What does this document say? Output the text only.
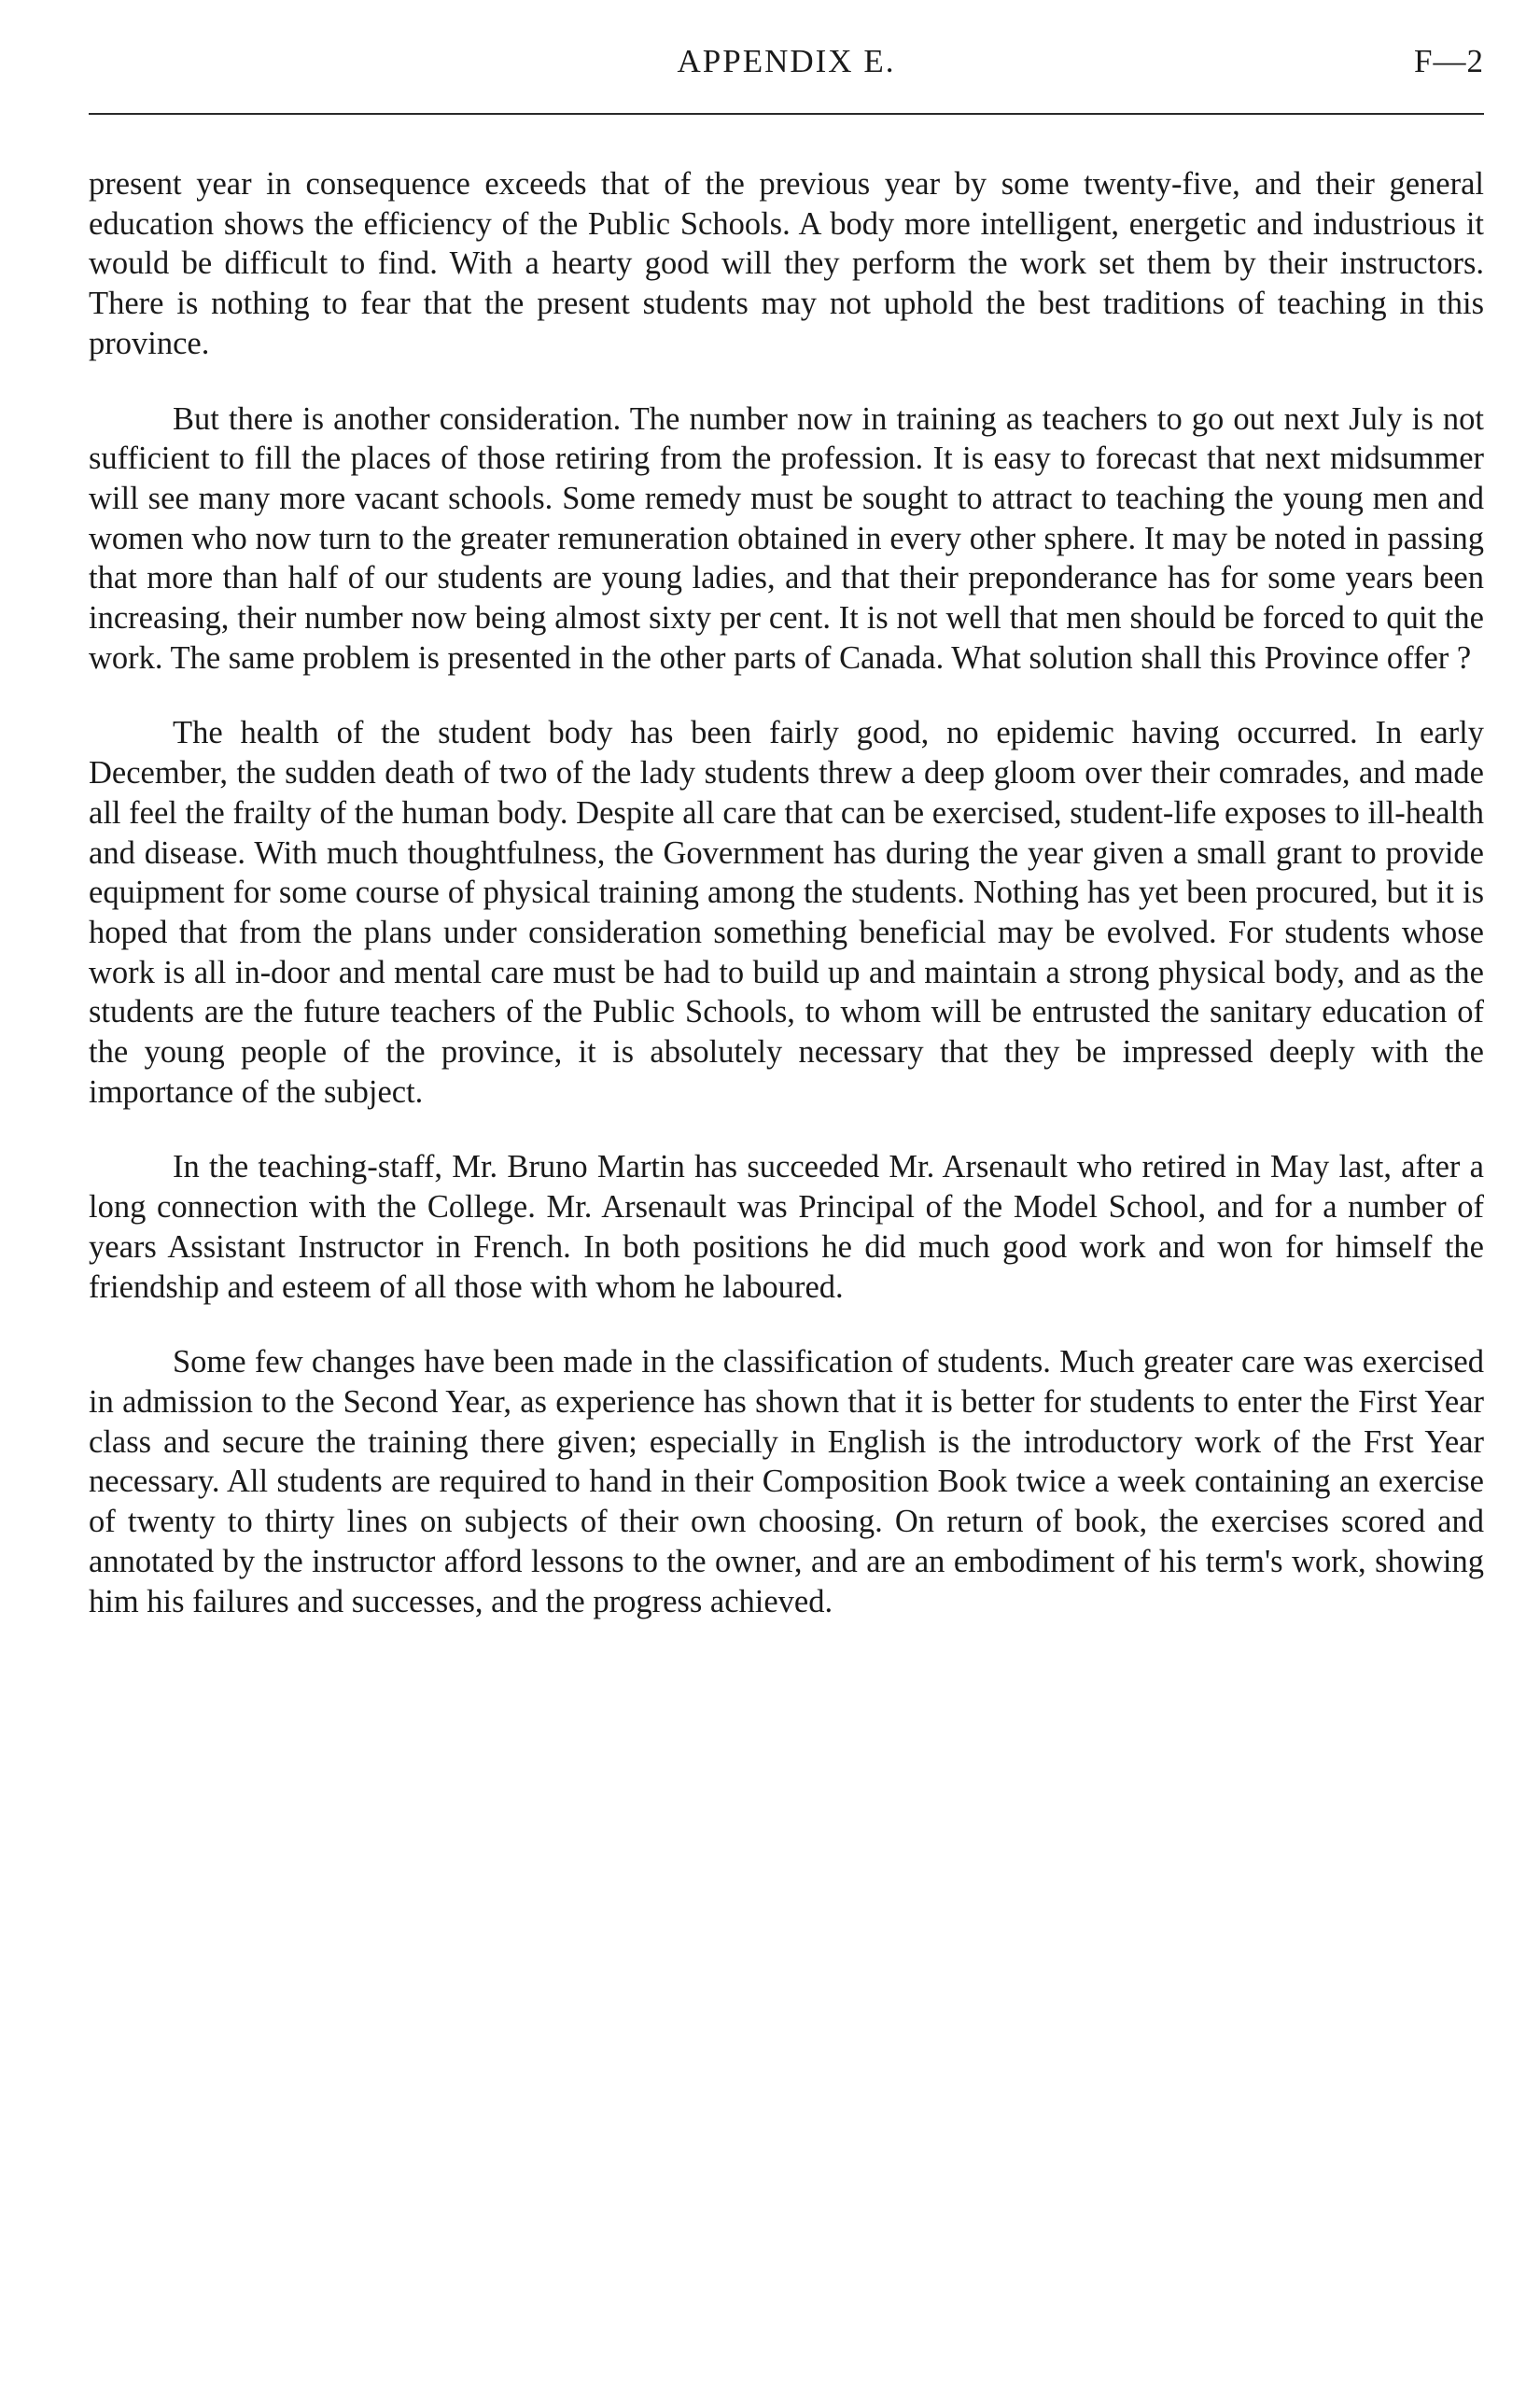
APPENDIX E.	F—2

present year in consequence exceeds that of the previous year by some twenty-five, and their general education shows the efficiency of the Public Schools. A body more intelligent, energetic and industrious it would be difficult to find. With a hearty good will they perform the work set them by their instructors. There is nothing to fear that the present students may not uphold the best traditions of teaching in this province.

But there is another consideration. The number now in training as teachers to go out next July is not sufficient to fill the places of those retiring from the profession. It is easy to forecast that next midsummer will see many more vacant schools. Some remedy must be sought to attract to teaching the young men and women who now turn to the greater remuneration obtained in every other sphere. It may be noted in passing that more than half of our students are young ladies, and that their preponderance has for some years been increasing, their number now being almost sixty per cent. It is not well that men should be forced to quit the work. The same problem is presented in the other parts of Canada. What solution shall this Province offer ?

The health of the student body has been fairly good, no epidemic having occurred. In early December, the sudden death of two of the lady students threw a deep gloom over their comrades, and made all feel the frailty of the human body. Despite all care that can be exercised, student-life exposes to ill-health and disease. With much thoughtfulness, the Government has during the year given a small grant to provide equipment for some course of physical training among the students. Nothing has yet been procured, but it is hoped that from the plans under consideration something beneficial may be evolved. For students whose work is all in-door and mental care must be had to build up and maintain a strong physical body, and as the students are the future teachers of the Public Schools, to whom will be entrusted the sanitary education of the young people of the province, it is absolutely necessary that they be impressed deeply with the importance of the subject.

In the teaching-staff, Mr. Bruno Martin has succeeded Mr. Arsenault who retired in May last, after a long connection with the College. Mr. Arsenault was Principal of the Model School, and for a number of years Assistant Instructor in French. In both positions he did much good work and won for himself the friendship and esteem of all those with whom he laboured.

Some few changes have been made in the classification of students. Much greater care was exercised in admission to the Second Year, as experience has shown that it is better for students to enter the First Year class and secure the training there given; especially in English is the introductory work of the Frst Year necessary. All students are required to hand in their Composition Book twice a week containing an exercise of twenty to thirty lines on subjects of their own choosing. On return of book, the exercises scored and annotated by the instructor afford lessons to the owner, and are an embodiment of his term's work, showing him his failures and successes, and the progress achieved.
